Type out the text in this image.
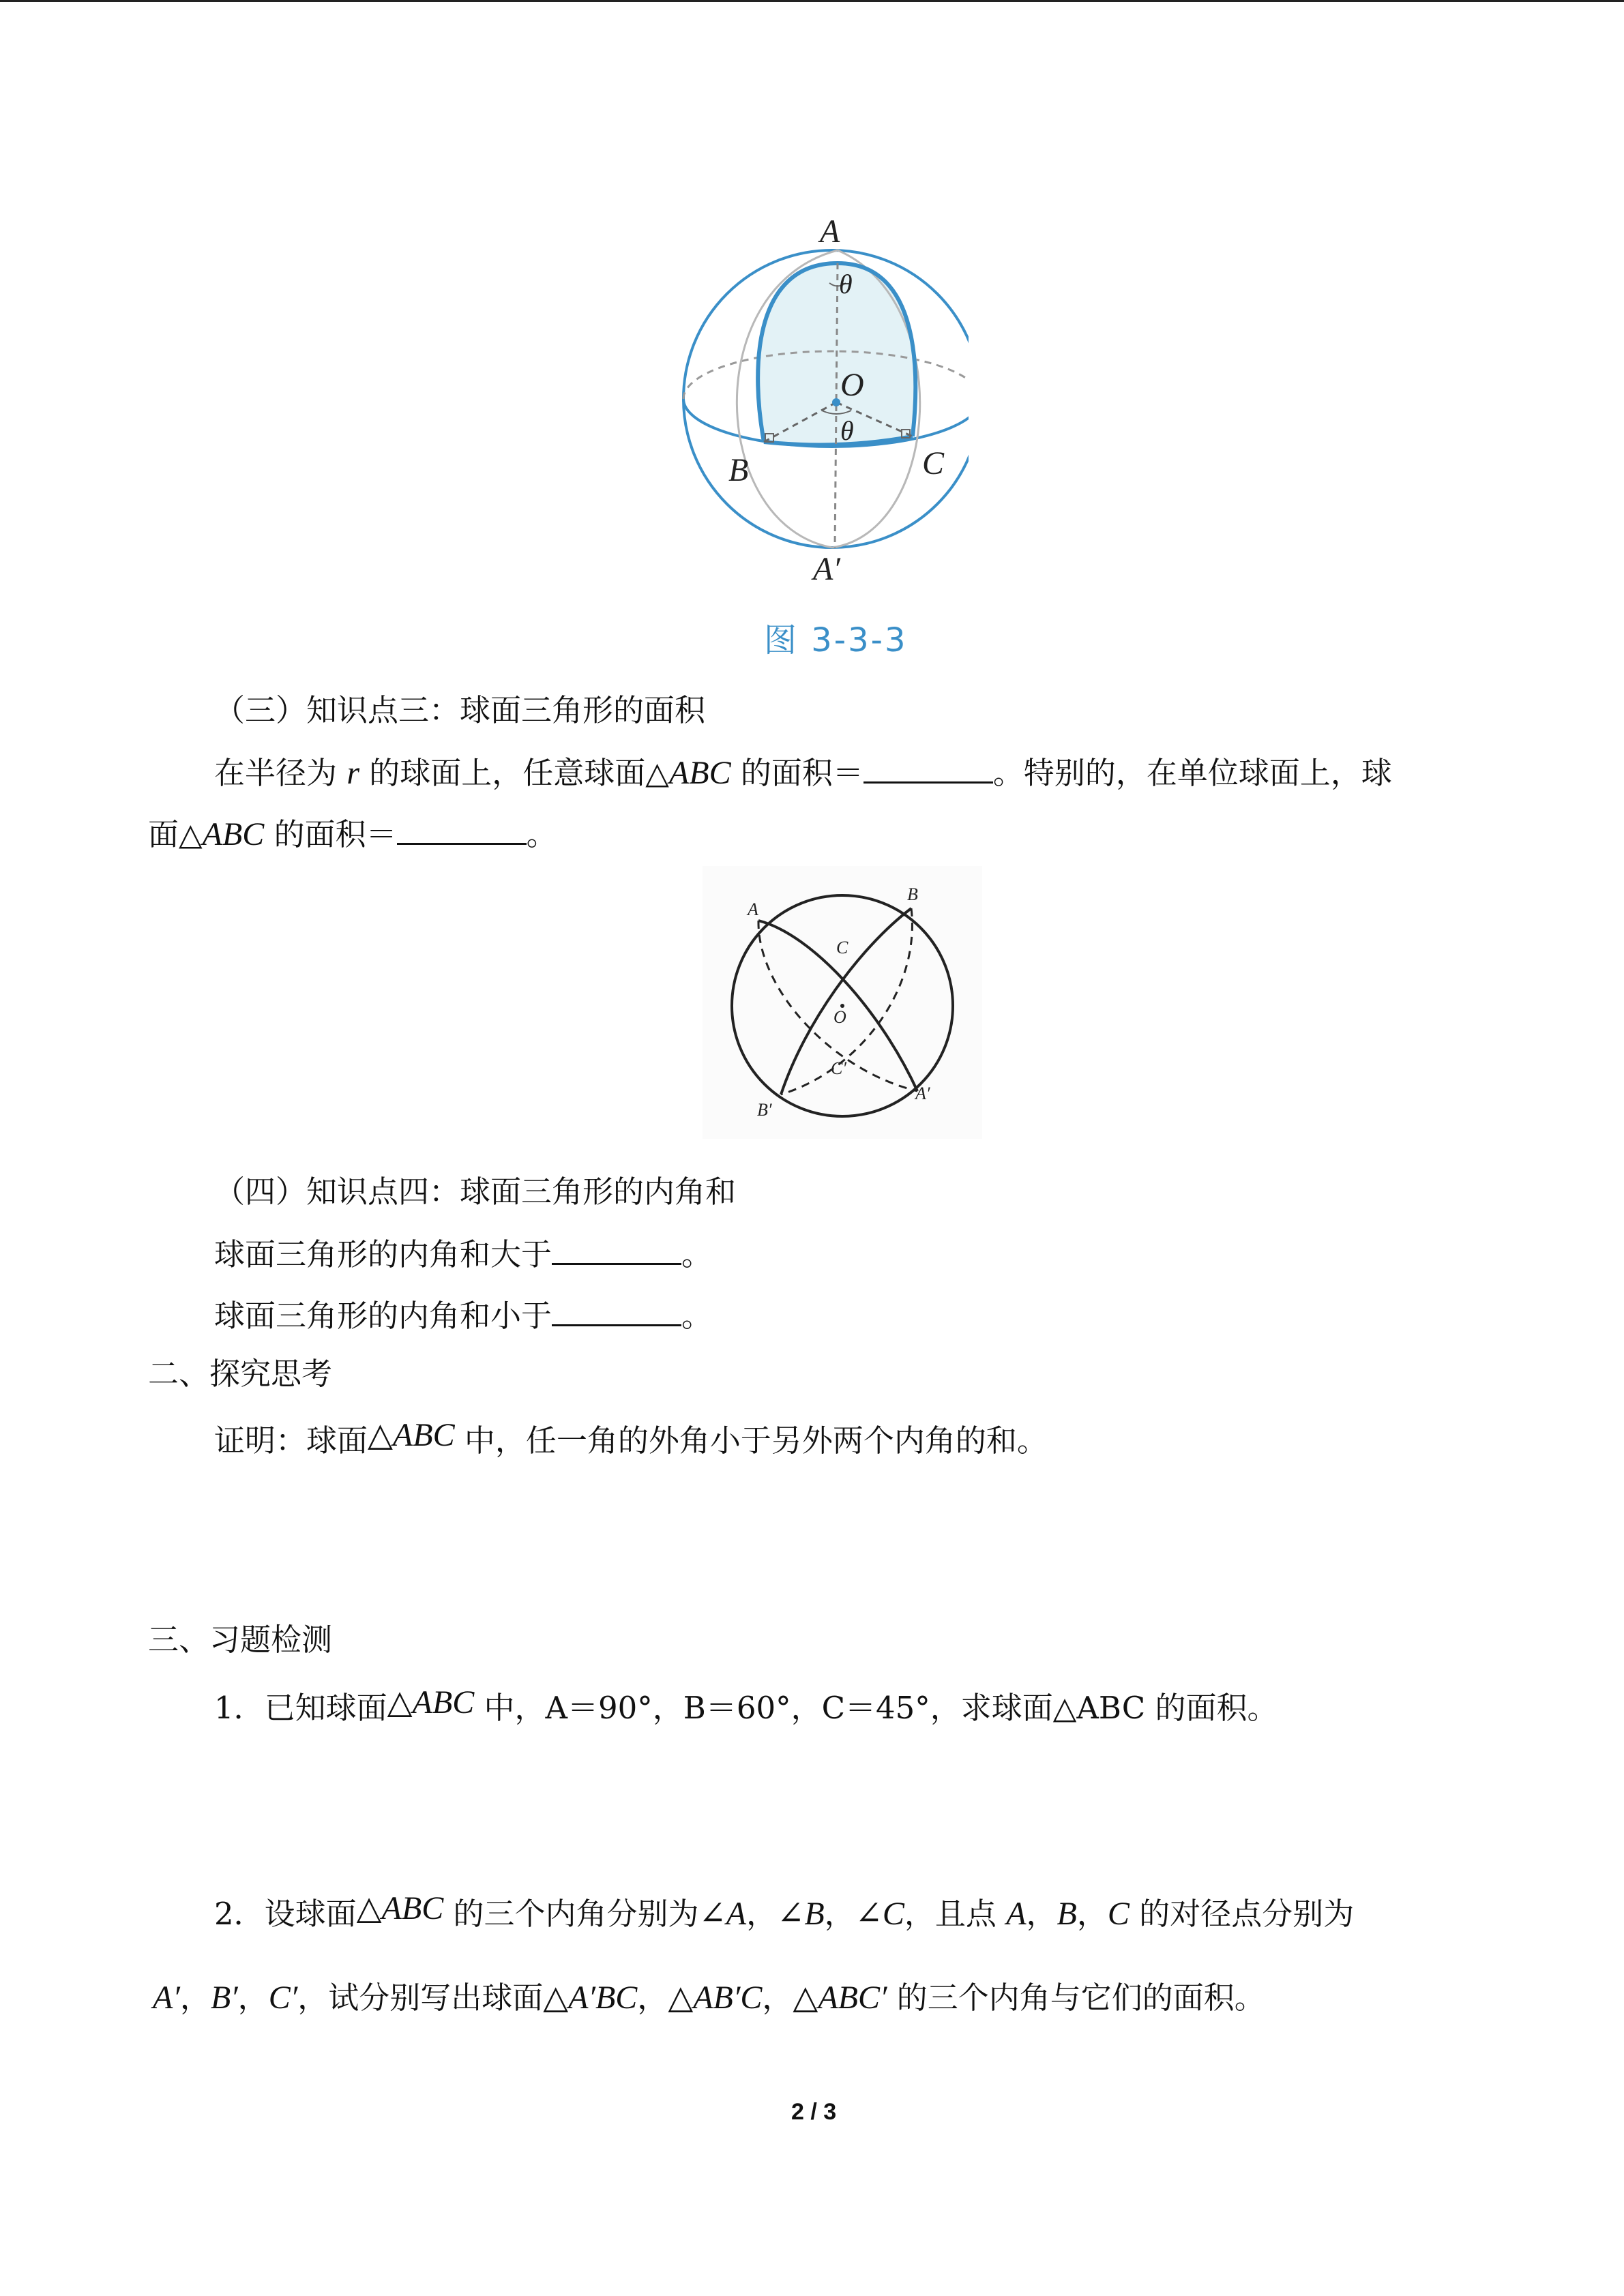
A
θ
O
θ
B	C
A′
图 3-3-3
（三）知识点三：球面三角形的面积
在半径为 r 的球面上，任意球面△ABC 的面积＝	。特别的，在单位球面上，球
面△ABC 的面积＝	。
A
B
C
O
C′
B′
A′
（四）知识点四：球面三角形的内角和
球面三角形的内角和大于	。
球面三角形的内角和小于	。
二、探究思考
证明：球面△ABC 中，任一角的外角小于另外两个内角的和。
三、习题检测
1．已知球面△ABC 中，A＝90°，B＝60°，C＝45°，求球面△ABC 的面积。
2．设球面△ABC 的三个内角分别为∠A，∠B，∠C，且点 A，B，C 的对径点分别为
A′，B′，C′，试分别写出球面△A′BC，△AB′C，△ABC′ 的三个内角与它们的面积。
2 / 3
